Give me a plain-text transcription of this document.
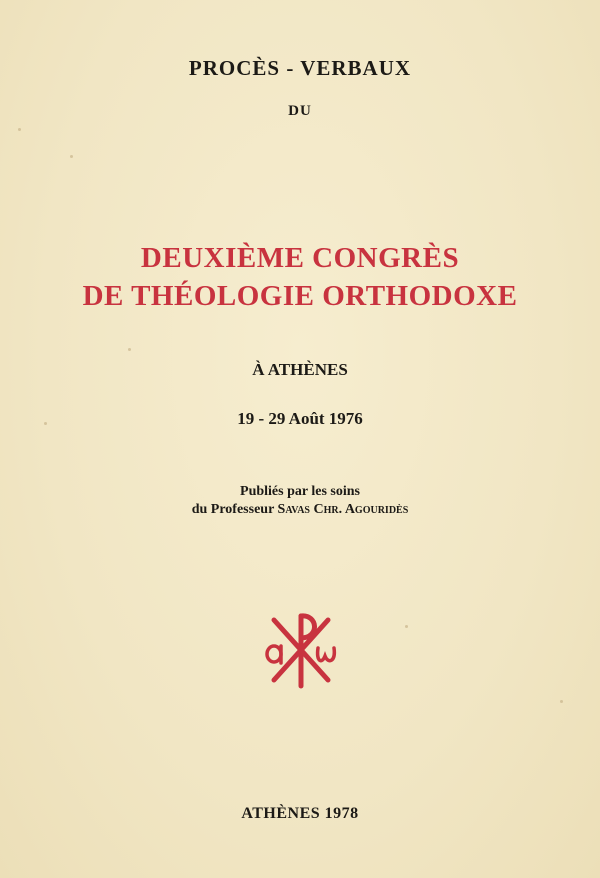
PROCÈS - VERBAUX
DU
DEUXIÈME CONGRÈS
DE THÉOLOGIE ORTHODOXE
À ATHÈNES
19 - 29 Août 1976
Publiés par les soins
du Professeur Savas Chr. Agouridès
ATHÈNES 1978
